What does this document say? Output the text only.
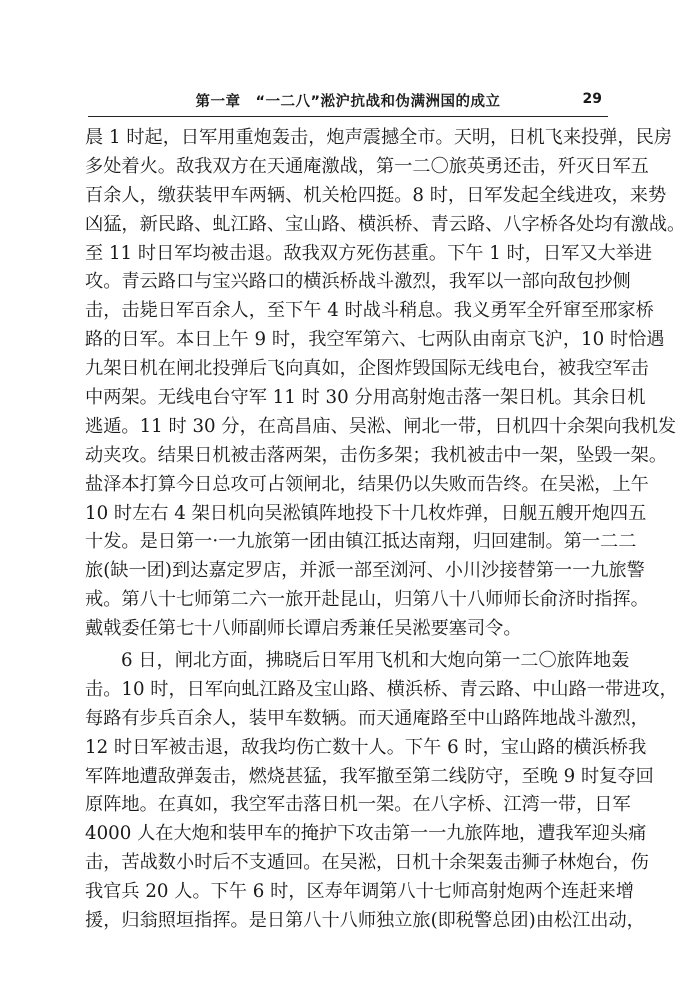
第一章　“一二八”淞沪抗战和伪满洲国的成立	29
晨 1 时起，日军用重炮轰击，炮声震撼全市。天明，日机飞来投弹，民房
多处着火。敌我双方在天通庵激战，第一二〇旅英勇还击，歼灭日军五
百余人，缴获装甲车两辆、机关枪四挺。8 时，日军发起全线进攻，来势
凶猛，新民路、虬江路、宝山路、横浜桥、青云路、八字桥各处均有激战。
至 11 时日军均被击退。敌我双方死伤甚重。下午 1 时，日军又大举进
攻。青云路口与宝兴路口的横浜桥战斗激烈，我军以一部向敌包抄侧
击，击毙日军百余人，至下午 4 时战斗稍息。我义勇军全歼窜至邢家桥
路的日军。本日上午 9 时，我空军第六、七两队由南京飞沪，10 时恰遇
九架日机在闸北投弹后飞向真如，企图炸毁国际无线电台，被我空军击
中两架。无线电台守军 11 时 30 分用高射炮击落一架日机。其余日机
逃遁。11 时 30 分，在高昌庙、吴淞、闸北一带，日机四十余架向我机发
动夹攻。结果日机被击落两架，击伤多架；我机被击中一架，坠毁一架。
盐泽本打算今日总攻可占领闸北，结果仍以失败而告终。在吴淞，上午
10 时左右 4 架日机向吴淞镇阵地投下十几枚炸弹，日舰五艘开炮四五
十发。是日第一·一九旅第一团由镇江抵达南翔，归回建制。第一二二
旅(缺一团)到达嘉定罗店，并派一部至浏河、小川沙接替第一一九旅警
戒。第八十七师第二六一旅开赴昆山，归第八十八师师长俞济时指挥。
戴戟委任第七十八师副师长谭启秀兼任吴淞要塞司令。
6 日，闸北方面，拂晓后日军用飞机和大炮向第一二〇旅阵地轰
击。10 时，日军向虬江路及宝山路、横浜桥、青云路、中山路一带进攻，
每路有步兵百余人，装甲车数辆。而天通庵路至中山路阵地战斗激烈，
12 时日军被击退，敌我均伤亡数十人。下午 6 时，宝山路的横浜桥我
军阵地遭敌弹轰击，燃烧甚猛，我军撤至第二线防守，至晚 9 时复夺回
原阵地。在真如，我空军击落日机一架。在八字桥、江湾一带，日军
4000 人在大炮和装甲车的掩护下攻击第一一九旅阵地，遭我军迎头痛
击，苦战数小时后不支遁回。在吴淞，日机十余架轰击狮子林炮台，伤
我官兵 20 人。下午 6 时，区寿年调第八十七师高射炮两个连赶来增
援，归翁照垣指挥。是日第八十八师独立旅(即税警总团)由松江出动，
